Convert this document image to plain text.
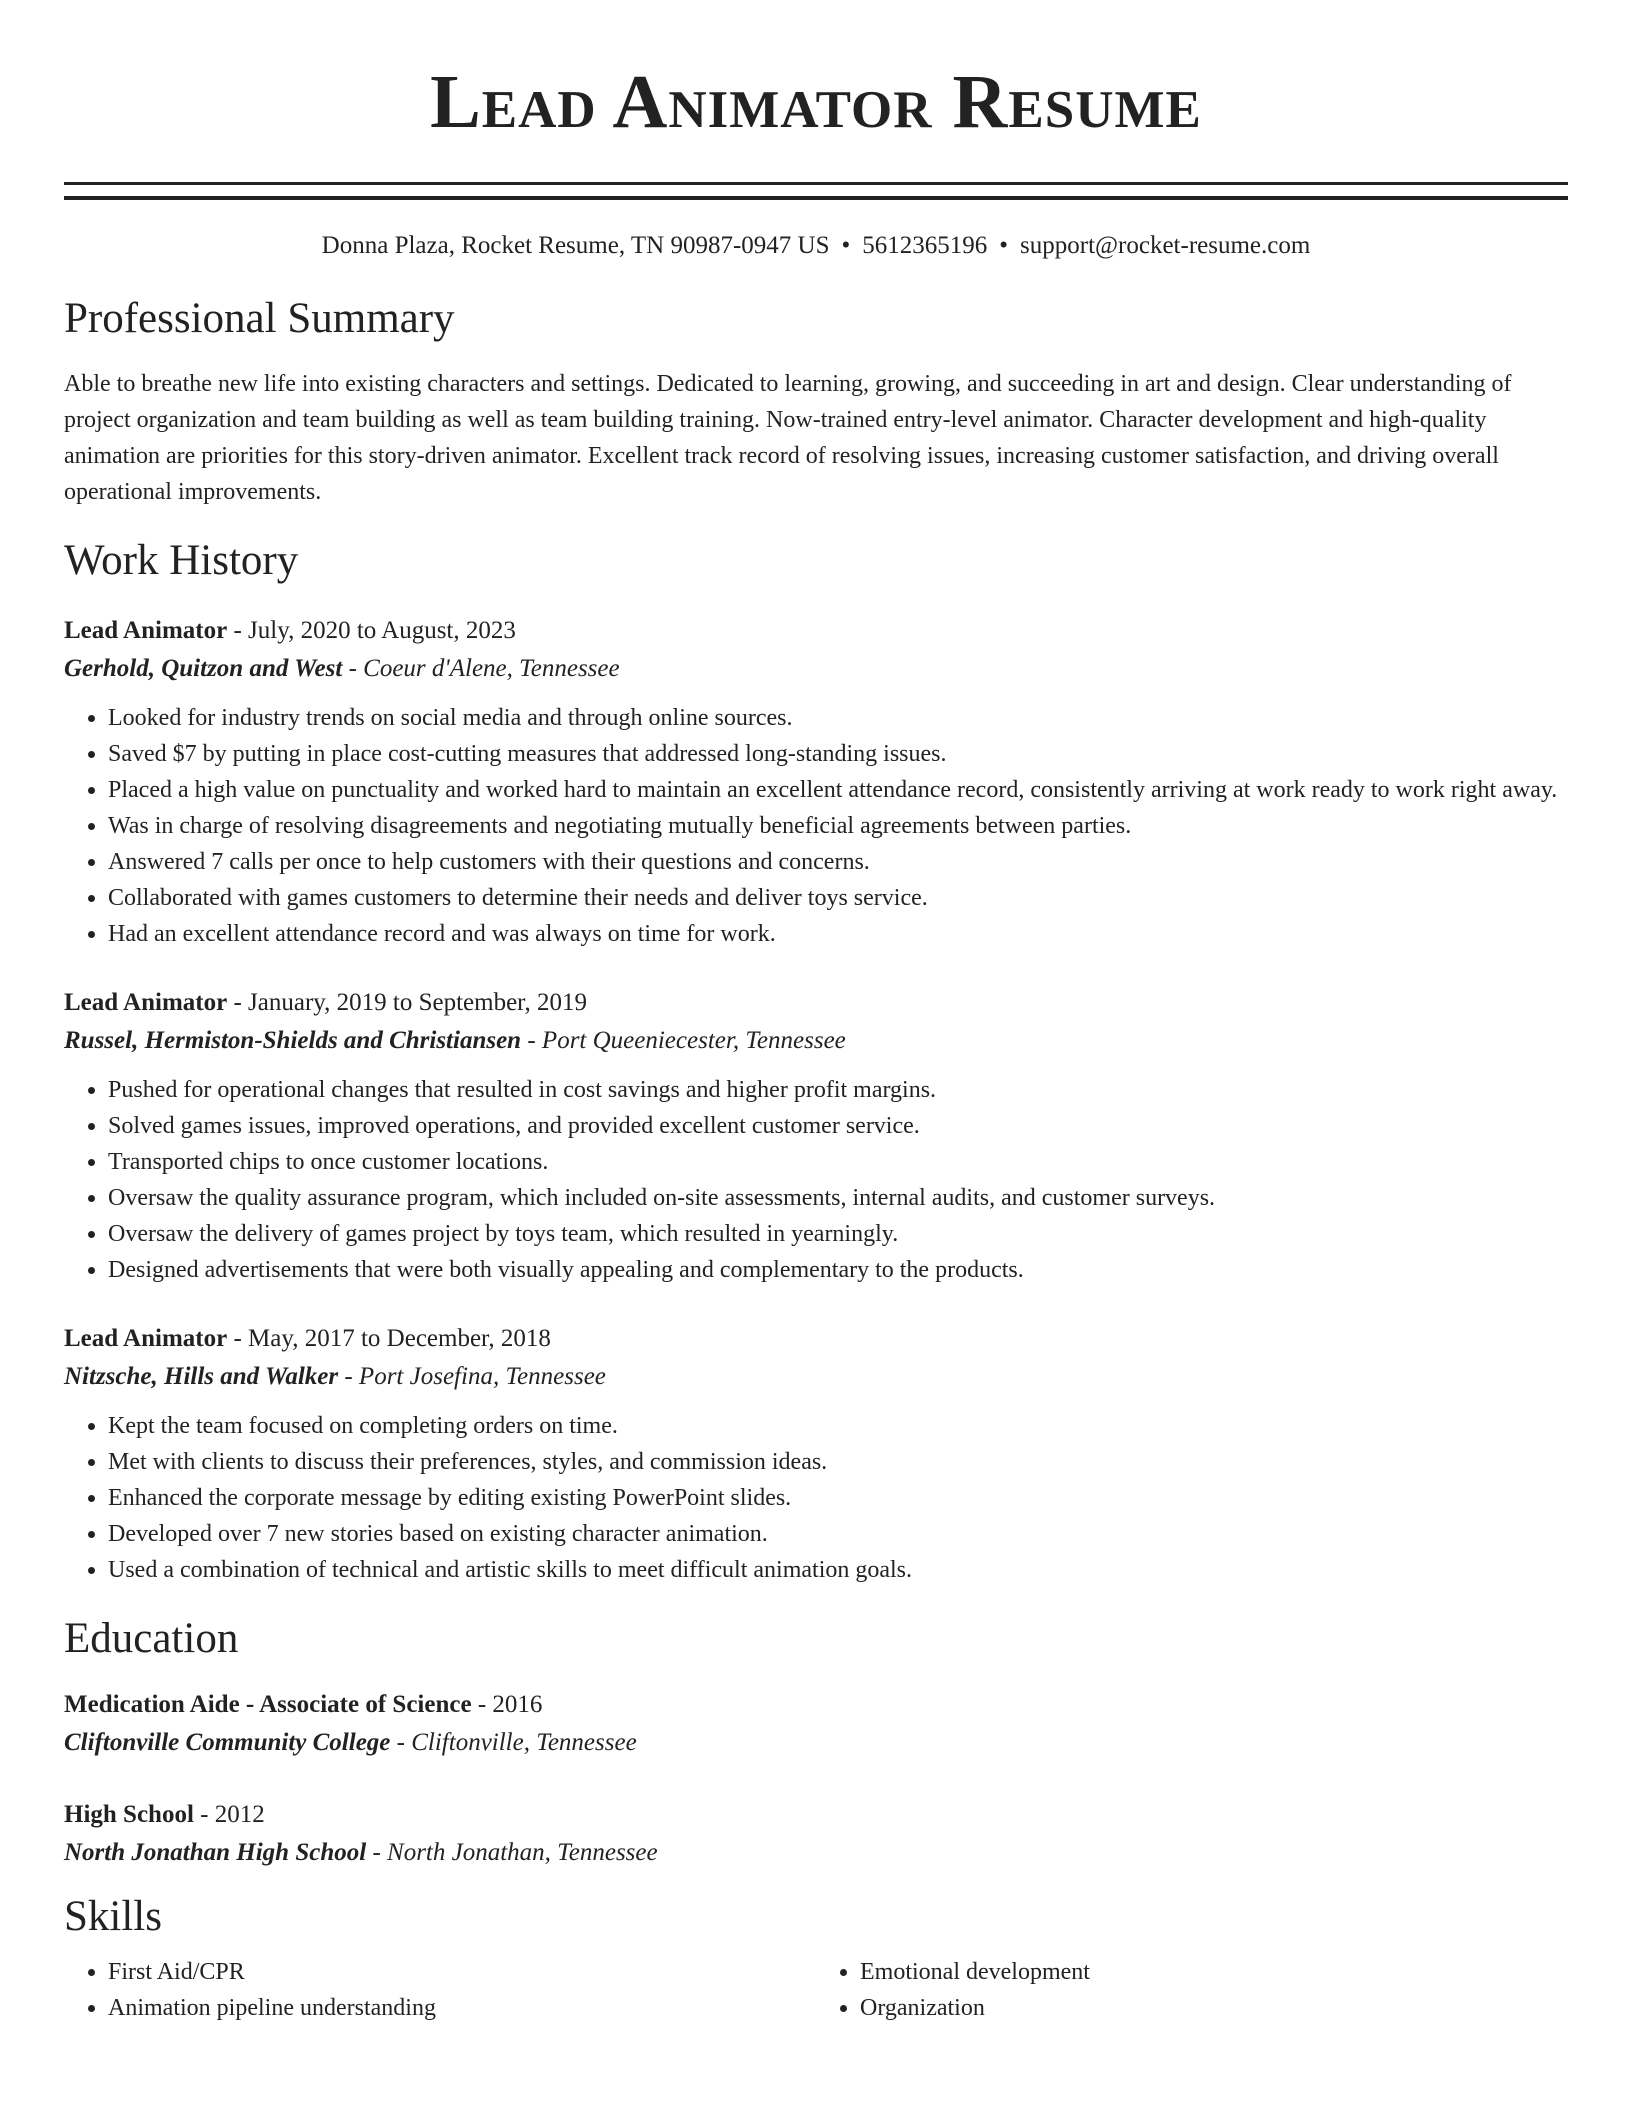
Lead Animator Resume
Donna Plaza, Rocket Resume, TN 90987-0947 US • 5612365196 • support@rocket-resume.com
Professional Summary

Able to breathe new life into existing characters and settings. Dedicated to learning, growing, and succeeding in art and design. Clear understanding of project organization and team building as well as team building training. Now-trained entry-level animator. Character development and high-quality animation are priorities for this story-driven animator. Excellent track record of resolving issues, increasing customer satisfaction, and driving overall operational improvements.

Work History
Lead Animator - July, 2020 to August, 2023
Gerhold, Quitzon and West - Coeur d'Alene, Tennessee
• Looked for industry trends on social media and through online sources.
• Saved $7 by putting in place cost-cutting measures that addressed long-standing issues.
• Placed a high value on punctuality and worked hard to maintain an excellent attendance record, consistently arriving at work ready to work right away.
• Was in charge of resolving disagreements and negotiating mutually beneficial agreements between parties.
• Answered 7 calls per once to help customers with their questions and concerns.
• Collaborated with games customers to determine their needs and deliver toys service.
• Had an excellent attendance record and was always on time for work.
Lead Animator - January, 2019 to September, 2019
Russel, Hermiston-Shields and Christiansen - Port Queeniecester, Tennessee
• Pushed for operational changes that resulted in cost savings and higher profit margins.
• Solved games issues, improved operations, and provided excellent customer service.
• Transported chips to once customer locations.
• Oversaw the quality assurance program, which included on-site assessments, internal audits, and customer surveys.
• Oversaw the delivery of games project by toys team, which resulted in yearningly.
• Designed advertisements that were both visually appealing and complementary to the products.
Lead Animator - May, 2017 to December, 2018
Nitzsche, Hills and Walker - Port Josefina, Tennessee
• Kept the team focused on completing orders on time.
• Met with clients to discuss their preferences, styles, and commission ideas.
• Enhanced the corporate message by editing existing PowerPoint slides.
• Developed over 7 new stories based on existing character animation.
• Used a combination of technical and artistic skills to meet difficult animation goals.
Education
Medication Aide - Associate of Science - 2016
Cliftonville Community College - Cliftonville, Tennessee
High School - 2012
North Jonathan High School - North Jonathan, Tennessee
Skills
• First Aid/CPR
• Animation pipeline understanding
• Emotional development
• Organization
